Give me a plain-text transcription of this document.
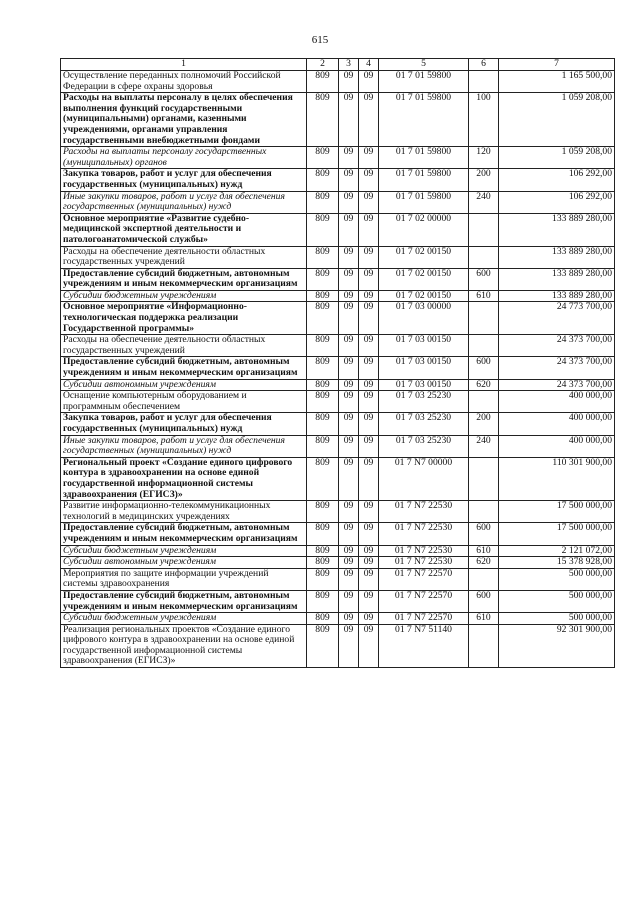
615
1	2	3	4	5	6	7
Осуществление переданных полномочий Российской Федерации в сфере охраны здоровья	809	09	09	01 7 01 59800		1 165 500,00
Расходы на выплаты персоналу в целях обеспечения выполнения функций государственными (муниципальными) органами, казенными учреждениями, органами управления государственными внебюджетными фондами	809	09	09	01 7 01 59800	100	1 059 208,00
Расходы на выплаты персоналу государственных (муниципальных) органов	809	09	09	01 7 01 59800	120	1 059 208,00
Закупка товаров, работ и услуг для обеспечения государственных (муниципальных) нужд	809	09	09	01 7 01 59800	200	106 292,00
Иные закупки товаров, работ и услуг для обеспечения государственных (муниципальных) нужд	809	09	09	01 7 01 59800	240	106 292,00
Основное мероприятие «Развитие судебно-медицинской экспертной деятельности и патологоанатомической службы»	809	09	09	01 7 02 00000		133 889 280,00
Расходы на обеспечение деятельности областных государственных учреждений	809	09	09	01 7 02 00150		133 889 280,00
Предоставление субсидий бюджетным, автономным учреждениям и иным некоммерческим организациям	809	09	09	01 7 02 00150	600	133 889 280,00
Субсидии бюджетным учреждениям	809	09	09	01 7 02 00150	610	133 889 280,00
Основное мероприятие «Информационно-технологическая поддержка реализации Государственной программы»	809	09	09	01 7 03 00000		24 773 700,00
Расходы на обеспечение деятельности областных государственных учреждений	809	09	09	01 7 03 00150		24 373 700,00
Предоставление субсидий бюджетным, автономным учреждениям и иным некоммерческим организациям	809	09	09	01 7 03 00150	600	24 373 700,00
Субсидии автономным учреждениям	809	09	09	01 7 03 00150	620	24 373 700,00
Оснащение компьютерным оборудованием и программным обеспечением	809	09	09	01 7 03 25230		400 000,00
Закупка товаров, работ и услуг для обеспечения государственных (муниципальных) нужд	809	09	09	01 7 03 25230	200	400 000,00
Иные закупки товаров, работ и услуг для обеспечения государственных (муниципальных) нужд	809	09	09	01 7 03 25230	240	400 000,00
Региональный проект «Создание единого цифрового контура в здравоохранении на основе единой государственной информационной системы здравоохранения (ЕГИСЗ)»	809	09	09	01 7 N7 00000		110 301 900,00
Развитие информационно-телекоммуникационных технологий в медицинских учреждениях	809	09	09	01 7 N7 22530		17 500 000,00
Предоставление субсидий бюджетным, автономным учреждениям и иным некоммерческим организациям	809	09	09	01 7 N7 22530	600	17 500 000,00
Субсидии бюджетным учреждениям	809	09	09	01 7 N7 22530	610	2 121 072,00
Субсидии автономным учреждениям	809	09	09	01 7 N7 22530	620	15 378 928,00
Мероприятия по защите информации учреждений системы здравоохранения	809	09	09	01 7 N7 22570		500 000,00
Предоставление субсидий бюджетным, автономным учреждениям и иным некоммерческим организациям	809	09	09	01 7 N7 22570	600	500 000,00
Субсидии бюджетным учреждениям	809	09	09	01 7 N7 22570	610	500 000,00
Реализация региональных проектов «Создание единого цифрового контура в здравоохранении на основе единой государственной информационной системы здравоохранения (ЕГИСЗ)»	809	09	09	01 7 N7 51140		92 301 900,00
